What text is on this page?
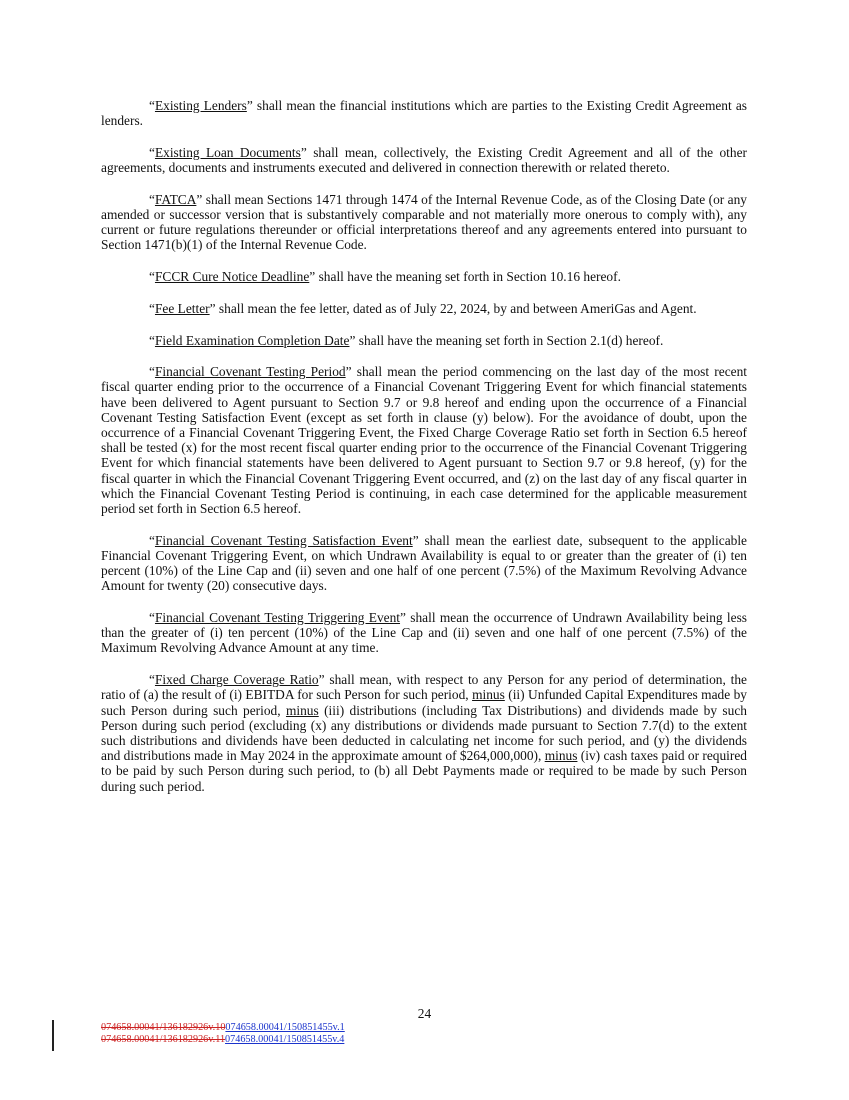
“Existing Lenders” shall mean the financial institutions which are parties to the Existing Credit Agreement as lenders.

“Existing Loan Documents” shall mean, collectively, the Existing Credit Agreement and all of the other agreements, documents and instruments executed and delivered in connection therewith or related thereto.

“FATCA” shall mean Sections 1471 through 1474 of the Internal Revenue Code, as of the Closing Date (or any amended or successor version that is substantively comparable and not materially more onerous to comply with), any current or future regulations thereunder or official interpretations thereof and any agreements entered into pursuant to Section 1471(b)(1) of the Internal Revenue Code.

“FCCR Cure Notice Deadline” shall have the meaning set forth in Section 10.16 hereof.

“Fee Letter” shall mean the fee letter, dated as of July 22, 2024, by and between AmeriGas and Agent.

“Field Examination Completion Date” shall have the meaning set forth in Section 2.1(d) hereof.

“Financial Covenant Testing Period” shall mean the period commencing on the last day of the most recent fiscal quarter ending prior to the occurrence of a Financial Covenant Triggering Event for which financial statements have been delivered to Agent pursuant to Section 9.7 or 9.8 hereof and ending upon the occurrence of a Financial Covenant Testing Satisfaction Event (except as set forth in clause (y) below). For the avoidance of doubt, upon the occurrence of a Financial Covenant Triggering Event, the Fixed Charge Coverage Ratio set forth in Section 6.5 hereof shall be tested (x) for the most recent fiscal quarter ending prior to the occurrence of the Financial Covenant Triggering Event for which financial statements have been delivered to Agent pursuant to Section 9.7 or 9.8 hereof, (y) for the fiscal quarter in which the Financial Covenant Triggering Event occurred, and (z) on the last day of any fiscal quarter in which the Financial Covenant Testing Period is continuing, in each case determined for the applicable measurement period set forth in Section 6.5 hereof.

“Financial Covenant Testing Satisfaction Event” shall mean the earliest date, subsequent to the applicable Financial Covenant Triggering Event, on which Undrawn Availability is equal to or greater than the greater of (i) ten percent (10%) of the Line Cap and (ii) seven and one half of one percent (7.5%) of the Maximum Revolving Advance Amount for twenty (20) consecutive days.

“Financial Covenant Testing Triggering Event” shall mean the occurrence of Undrawn Availability being less than the greater of (i) ten percent (10%) of the Line Cap and (ii) seven and one half of one percent (7.5%) of the Maximum Revolving Advance Amount at any time.

“Fixed Charge Coverage Ratio” shall mean, with respect to any Person for any period of determination, the ratio of (a) the result of (i) EBITDA for such Person for such period, minus (ii) Unfunded Capital Expenditures made by such Person during such period, minus (iii) distributions (including Tax Distributions) and dividends made by such Person during such period (excluding (x) any distributions or dividends made pursuant to Section 7.7(d) to the extent such distributions and dividends have been deducted in calculating net income for such period, and (y) the dividends and distributions made in May 2024 in the approximate amount of $264,000,000), minus (iv) cash taxes paid or required to be paid by such Person during such period, to (b) all Debt Payments made or required to be made by such Person during such period.

24
074658.00041/136182926v.10074658.00041/150851455v.1
074658.00041/136182926v.11074658.00041/150851455v.4
